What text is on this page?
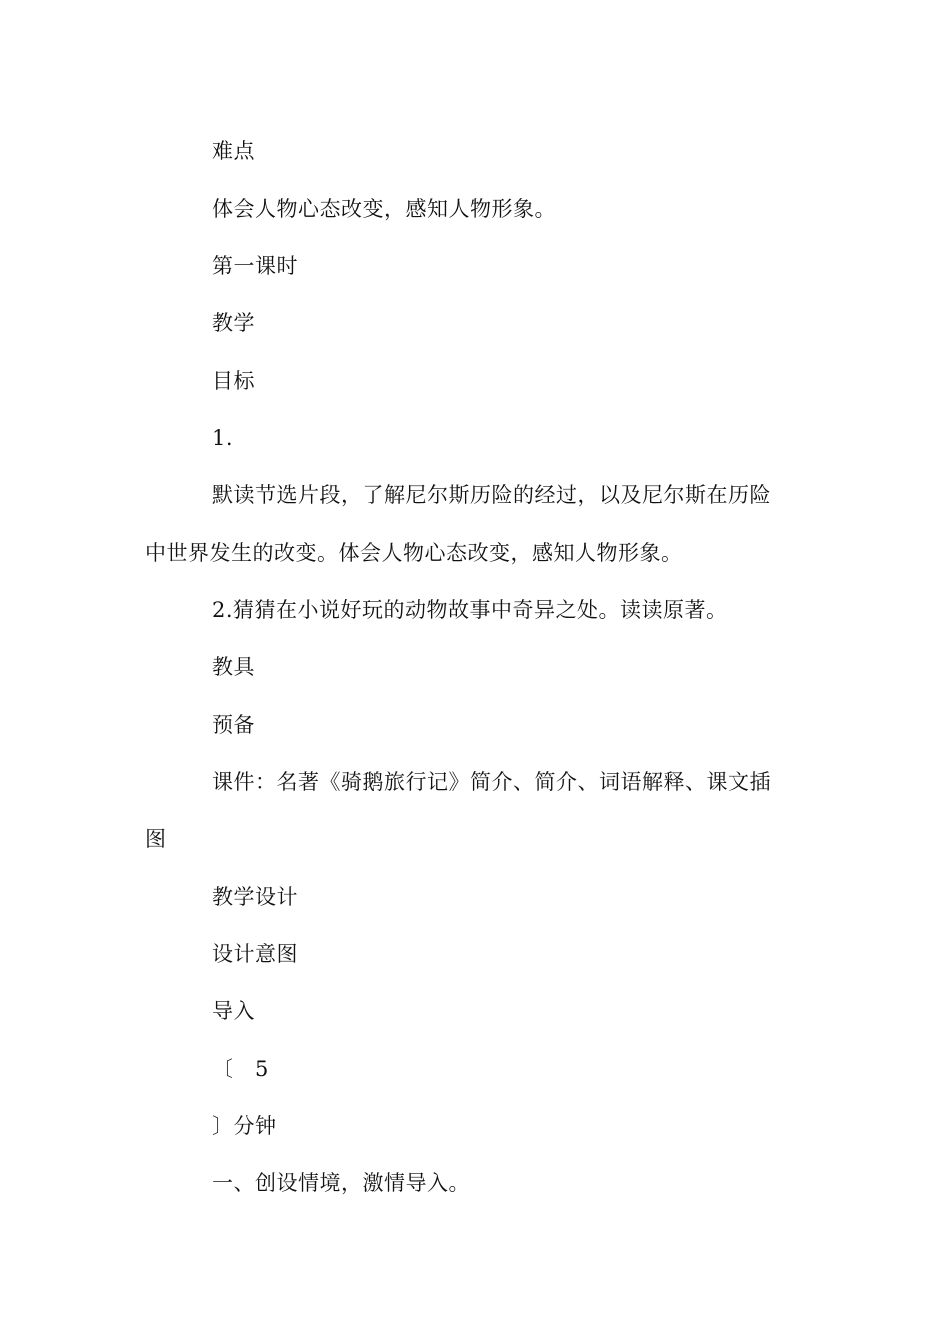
难点
体会人物心态改变，感知人物形象。
第一课时
教学
目标
1.
默读节选片段，了解尼尔斯历险的经过，以及尼尔斯在历险
中世界发生的改变。体会人物心态改变，感知人物形象。
2.猜猜在小说好玩的动物故事中奇异之处。读读原著。
教具
预备
课件：名著《骑鹅旅行记》简介、简介、词语解释、课文插
图
教学设计
设计意图
导入
〔　5
〕分钟
一、创设情境，激情导入。
